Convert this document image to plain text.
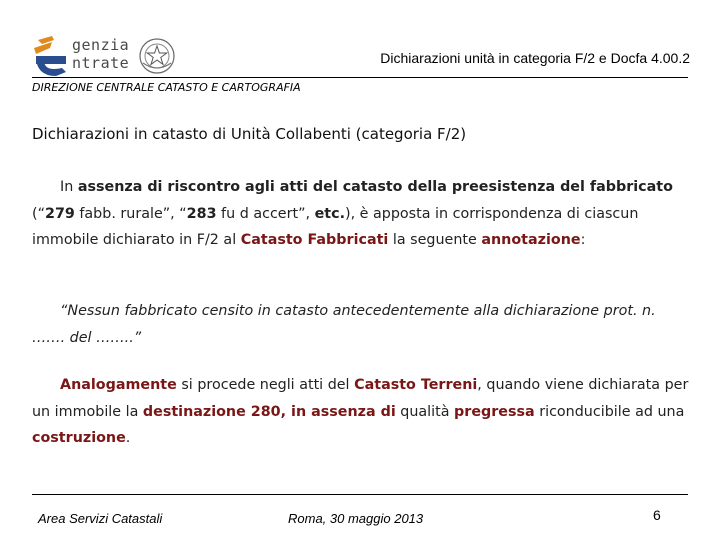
genzia
ntrate	Dichiarazioni unità in categoria F/2 e Docfa 4.00.2
DIREZIONE CENTRALE CATASTO E CARTOGRAFIA
Dichiarazioni in catasto di Unità Collabenti (categoria F/2)
In assenza di riscontro agli atti del catasto della preesistenza del fabbricato (“279 fabb. rurale”, “283 fu d accert”, etc.), è apposta in corrispondenza di ciascun immobile dichiarato in F/2 al Catasto Fabbricati la seguente annotazione:
“Nessun fabbricato censito in catasto antecedentemente alla dichiarazione prot. n. ……. del ……..”
Analogamente si procede negli atti del Catasto Terreni, quando viene dichiarata per un immobile la destinazione 280, in assenza di qualità pregressa riconducibile ad una costruzione.
Area Servizi Catastali	Roma, 30 maggio 2013	6
